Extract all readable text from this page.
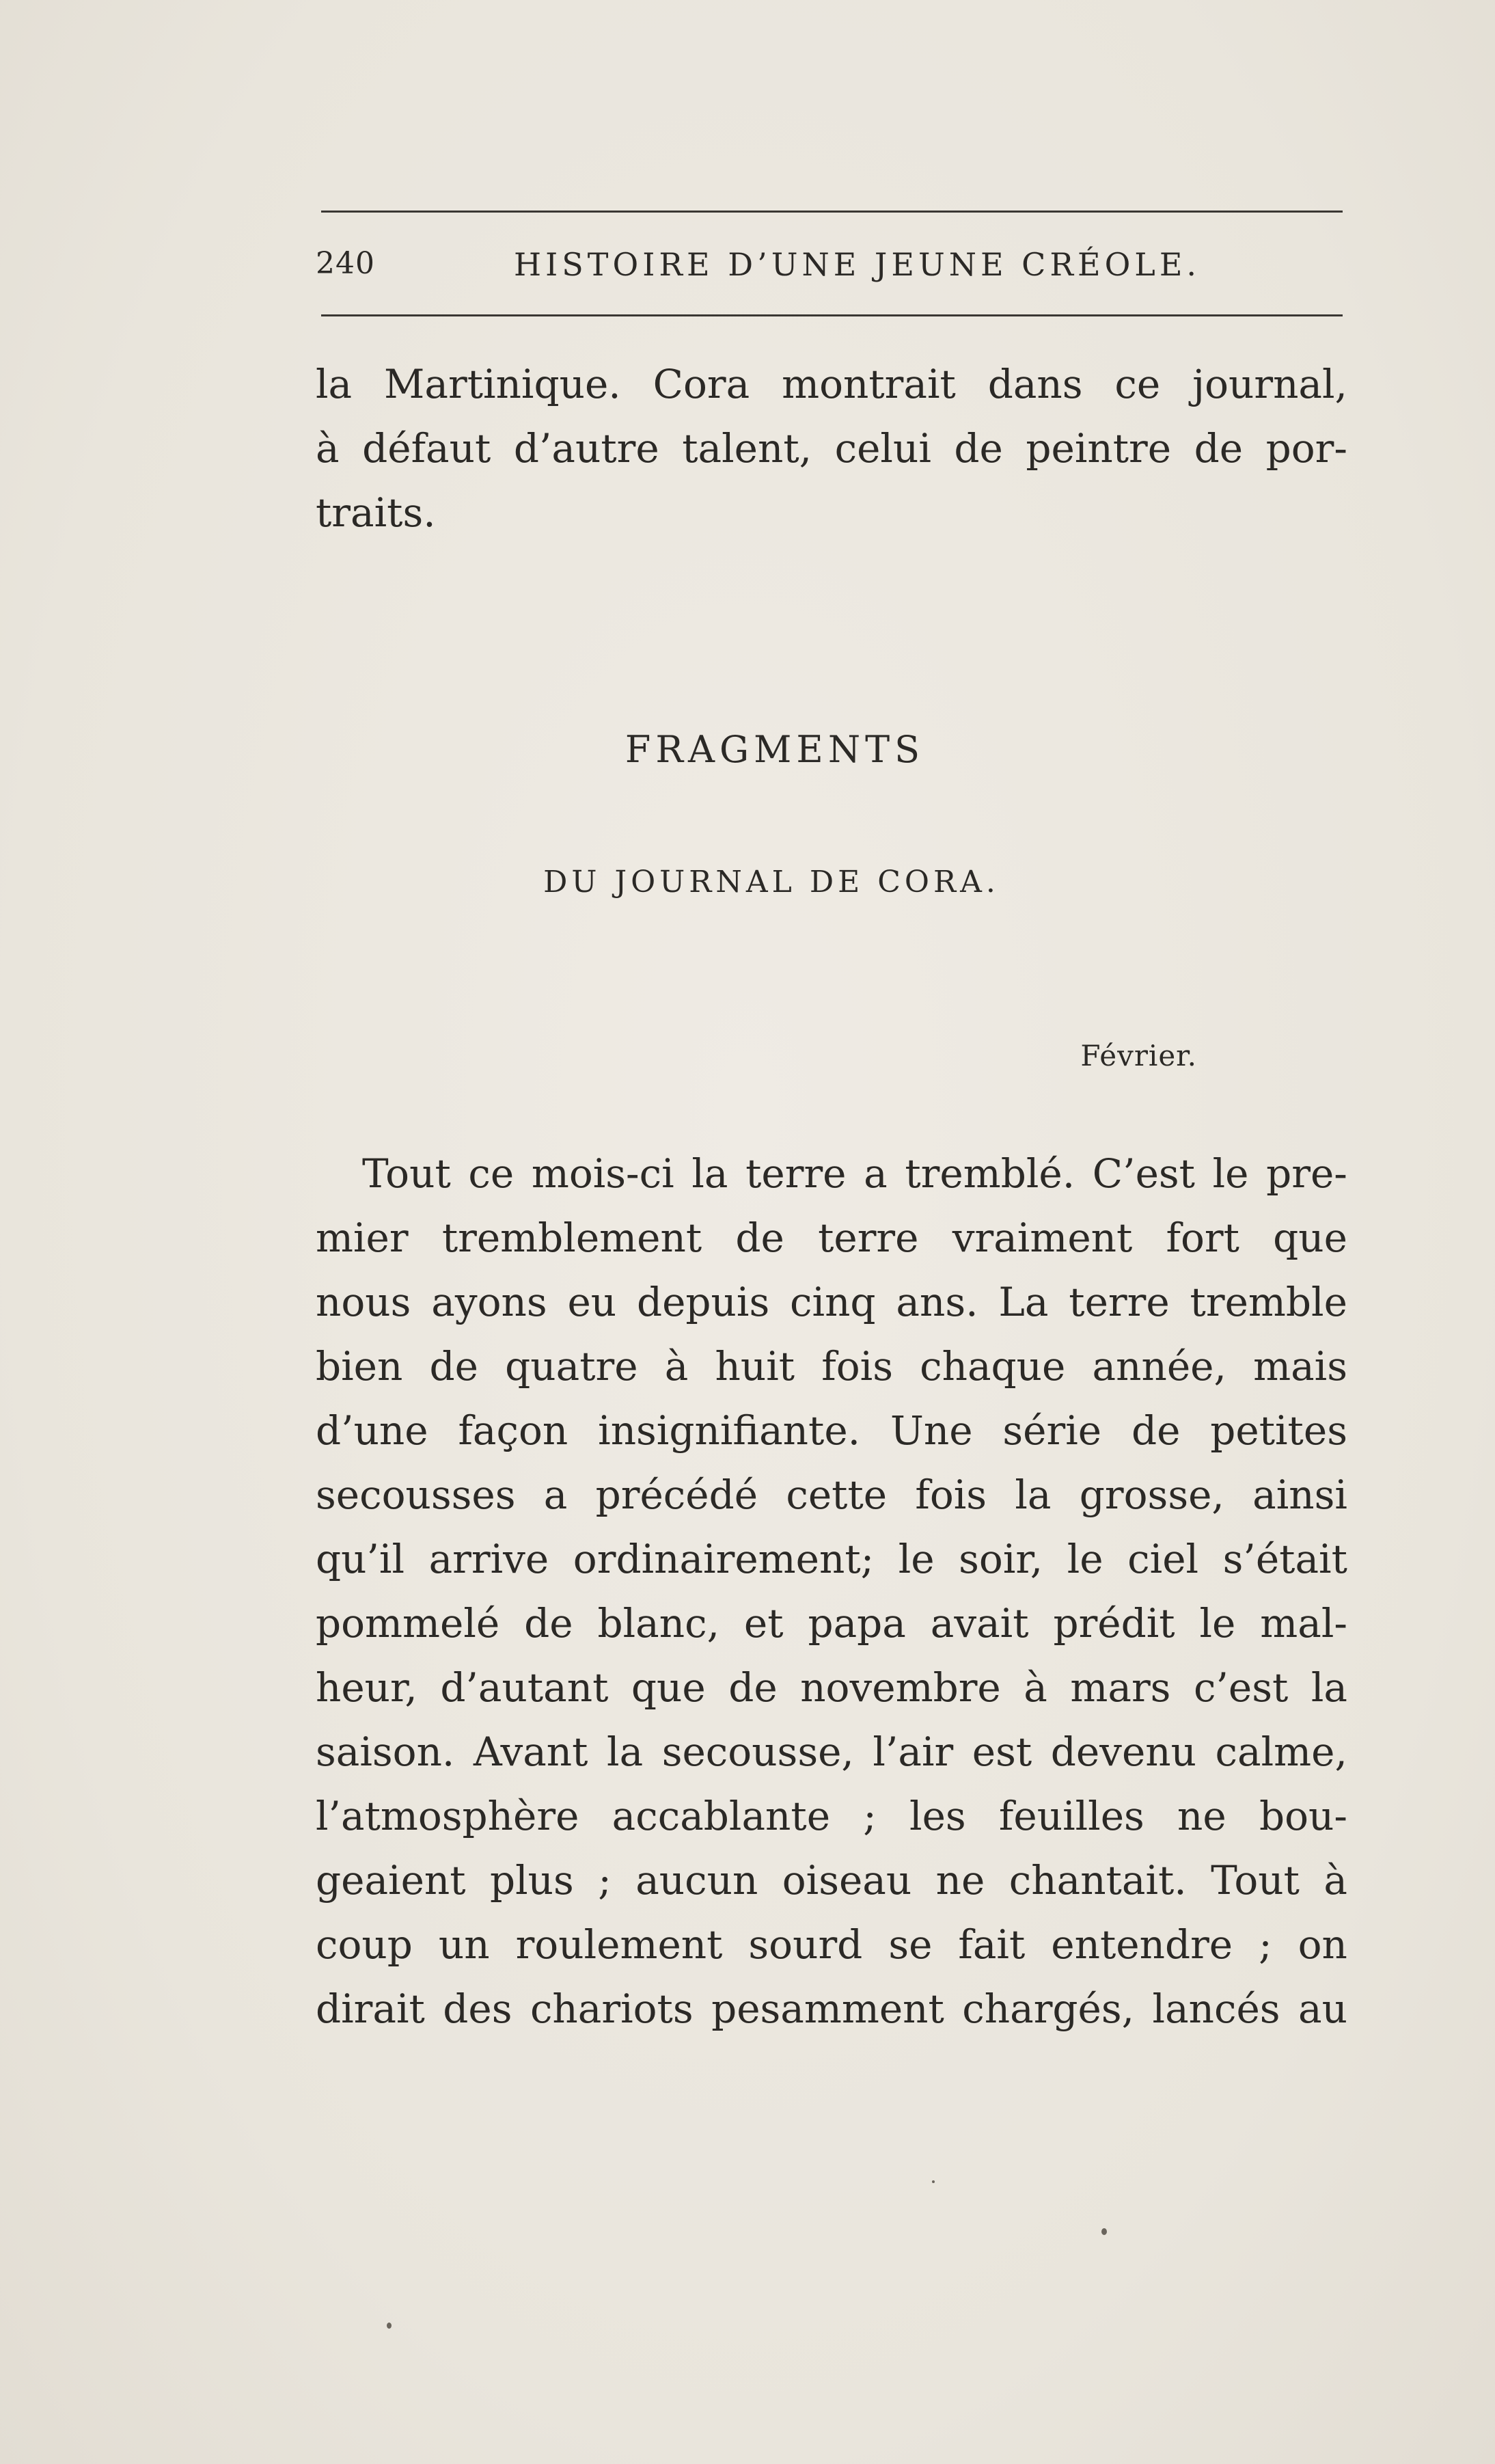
240	HISTOIRE D’UNE JEUNE CRÉOLE.
la Martinique. Cora montrait dans ce journal,
à défaut d’autre talent, celui de peintre de por-
traits.
FRAGMENTS
DU JOURNAL DE CORA.
Février.
Tout ce mois-ci la terre a tremblé. C’est le pre-
mier tremblement de terre vraiment fort que
nous ayons eu depuis cinq ans. La terre tremble
bien de quatre à huit fois chaque année, mais
d’une façon insignifiante. Une série de petites
secousses a précédé cette fois la grosse, ainsi
qu’il arrive ordinairement; le soir, le ciel s’était
pommelé de blanc, et papa avait prédit le mal-
heur, d’autant que de novembre à mars c’est la
saison. Avant la secousse, l’air est devenu calme,
l’atmosphère accablante ; les feuilles ne bou-
geaient plus ; aucun oiseau ne chantait. Tout à
coup un roulement sourd se fait entendre ; on
dirait des chariots pesamment chargés, lancés au
